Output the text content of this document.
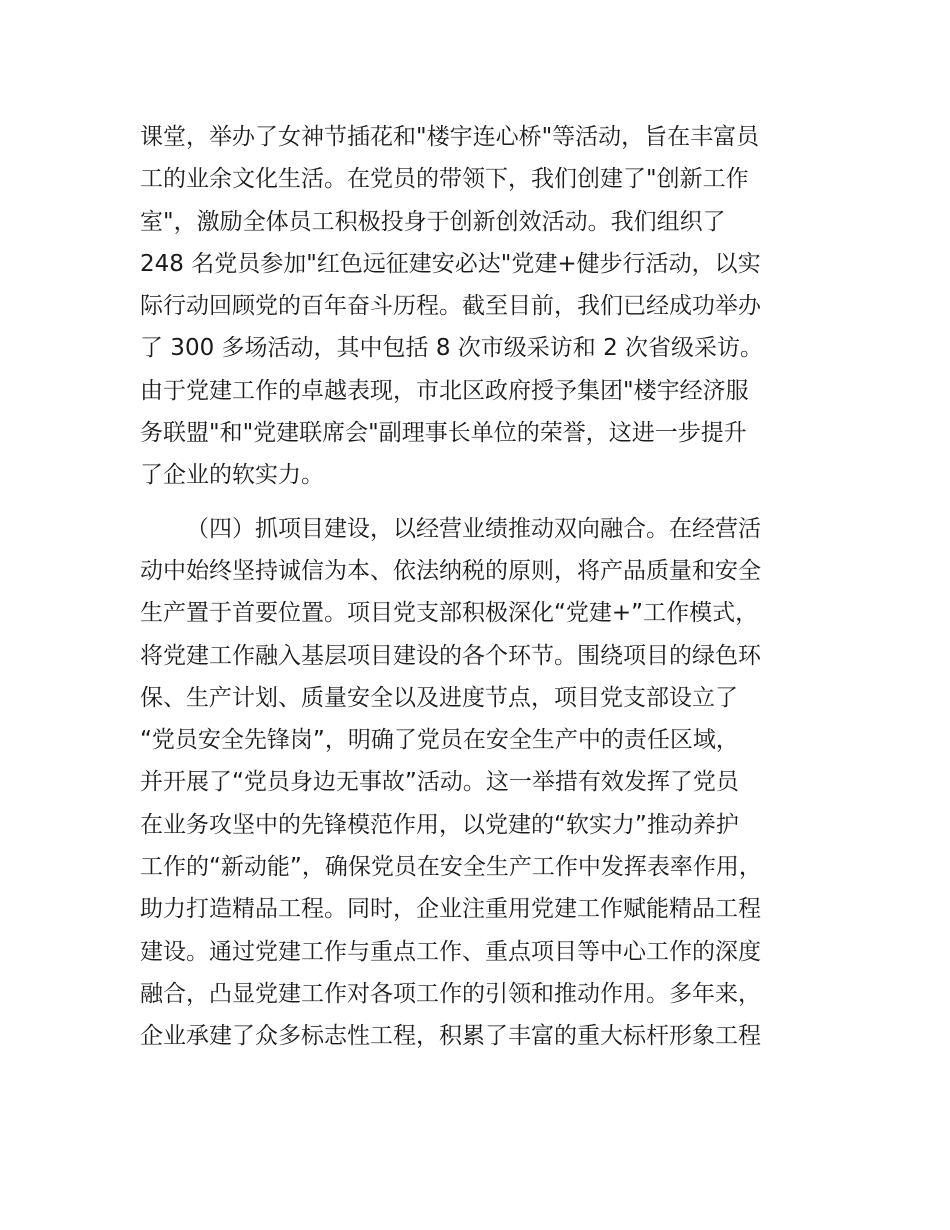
课堂，举办了女神节插花和"楼宇连心桥"等活动，旨在丰富员
工的业余文化生活。在党员的带领下，我们创建了"创新工作
室"，激励全体员工积极投身于创新创效活动。我们组织了
248 名党员参加"红色远征建安必达"党建+健步行活动，以实
际行动回顾党的百年奋斗历程。截至目前，我们已经成功举办
了 300 多场活动，其中包括 8 次市级采访和 2 次省级采访。
由于党建工作的卓越表现，市北区政府授予集团"楼宇经济服
务联盟"和"党建联席会"副理事长单位的荣誉，这进一步提升
了企业的软实力。
（四）抓项目建设，以经营业绩推动双向融合。在经营活
动中始终坚持诚信为本、依法纳税的原则，将产品质量和安全
生产置于首要位置。项目党支部积极深化“党建+”工作模式，
将党建工作融入基层项目建设的各个环节。围绕项目的绿色环
保、生产计划、质量安全以及进度节点，项目党支部设立了
“党员安全先锋岗”，明确了党员在安全生产中的责任区域，
并开展了“党员身边无事故”活动。这一举措有效发挥了党员
在业务攻坚中的先锋模范作用，以党建的“软实力”推动养护
工作的“新动能”，确保党员在安全生产工作中发挥表率作用，
助力打造精品工程。同时，企业注重用党建工作赋能精品工程
建设。通过党建工作与重点工作、重点项目等中心工作的深度
融合，凸显党建工作对各项工作的引领和推动作用。多年来，
企业承建了众多标志性工程，积累了丰富的重大标杆形象工程
